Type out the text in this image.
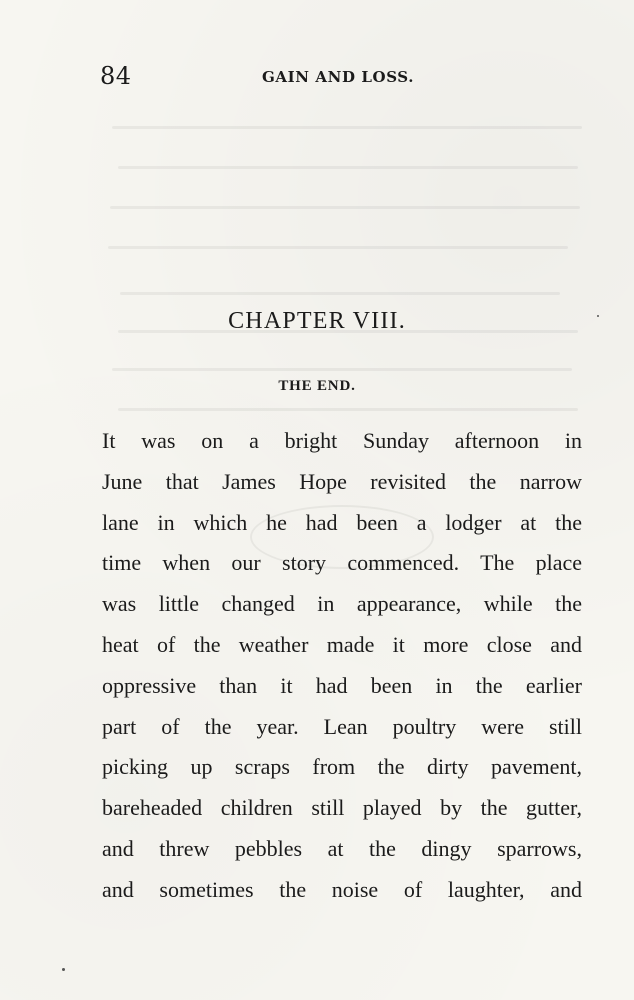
84	GAIN AND LOSS.
CHAPTER VIII.
THE END.
It was on a bright Sunday afternoon in
June that James Hope revisited the narrow
lane in which he had been a lodger at the
time when our story commenced. The place
was little changed in appearance, while the
heat of the weather made it more close and
oppressive than it had been in the earlier
part of the year. Lean poultry were still
picking up scraps from the dirty pavement,
bareheaded children still played by the gutter,
and threw pebbles at the dingy sparrows,
and sometimes the noise of laughter, and
